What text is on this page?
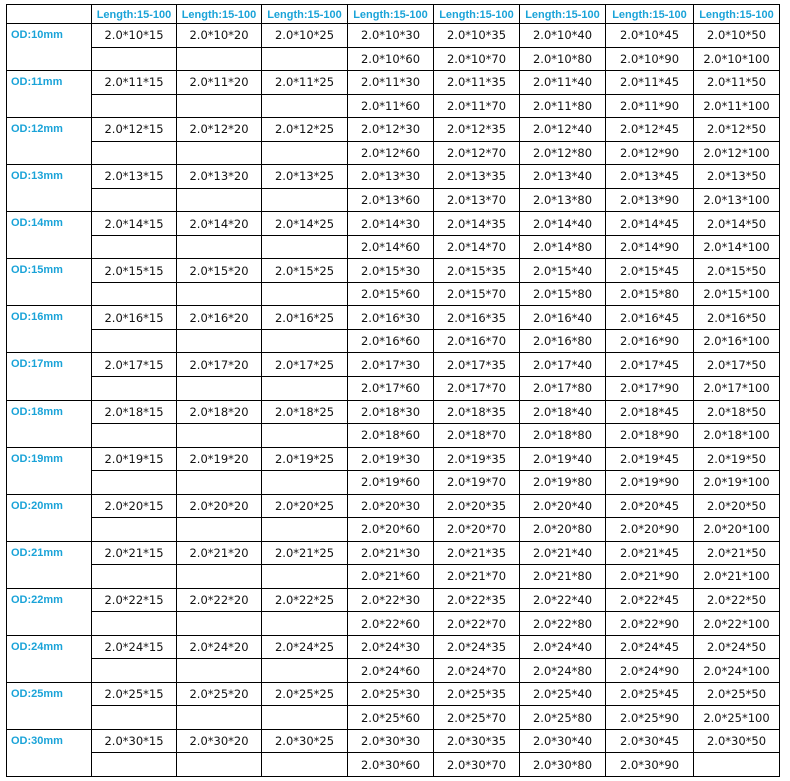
	Length:15-100	Length:15-100	Length:15-100	Length:15-100	Length:15-100	Length:15-100	Length:15-100	Length:15-100
OD:10mm	2.0*10*15	2.0*10*20	2.0*10*25	2.0*10*30	2.0*10*35	2.0*10*40	2.0*10*45	2.0*10*50
				2.0*10*60	2.0*10*70	2.0*10*80	2.0*10*90	2.0*10*100
OD:11mm	2.0*11*15	2.0*11*20	2.0*11*25	2.0*11*30	2.0*11*35	2.0*11*40	2.0*11*45	2.0*11*50
				2.0*11*60	2.0*11*70	2.0*11*80	2.0*11*90	2.0*11*100
OD:12mm	2.0*12*15	2.0*12*20	2.0*12*25	2.0*12*30	2.0*12*35	2.0*12*40	2.0*12*45	2.0*12*50
				2.0*12*60	2.0*12*70	2.0*12*80	2.0*12*90	2.0*12*100
OD:13mm	2.0*13*15	2.0*13*20	2.0*13*25	2.0*13*30	2.0*13*35	2.0*13*40	2.0*13*45	2.0*13*50
				2.0*13*60	2.0*13*70	2.0*13*80	2.0*13*90	2.0*13*100
OD:14mm	2.0*14*15	2.0*14*20	2.0*14*25	2.0*14*30	2.0*14*35	2.0*14*40	2.0*14*45	2.0*14*50
				2.0*14*60	2.0*14*70	2.0*14*80	2.0*14*90	2.0*14*100
OD:15mm	2.0*15*15	2.0*15*20	2.0*15*25	2.0*15*30	2.0*15*35	2.0*15*40	2.0*15*45	2.0*15*50
				2.0*15*60	2.0*15*70	2.0*15*80	2.0*15*80	2.0*15*100
OD:16mm	2.0*16*15	2.0*16*20	2.0*16*25	2.0*16*30	2.0*16*35	2.0*16*40	2.0*16*45	2.0*16*50
				2.0*16*60	2.0*16*70	2.0*16*80	2.0*16*90	2.0*16*100
OD:17mm	2.0*17*15	2.0*17*20	2.0*17*25	2.0*17*30	2.0*17*35	2.0*17*40	2.0*17*45	2.0*17*50
				2.0*17*60	2.0*17*70	2.0*17*80	2.0*17*90	2.0*17*100
OD:18mm	2.0*18*15	2.0*18*20	2.0*18*25	2.0*18*30	2.0*18*35	2.0*18*40	2.0*18*45	2.0*18*50
				2.0*18*60	2.0*18*70	2.0*18*80	2.0*18*90	2.0*18*100
OD:19mm	2.0*19*15	2.0*19*20	2.0*19*25	2.0*19*30	2.0*19*35	2.0*19*40	2.0*19*45	2.0*19*50
				2.0*19*60	2.0*19*70	2.0*19*80	2.0*19*90	2.0*19*100
OD:20mm	2.0*20*15	2.0*20*20	2.0*20*25	2.0*20*30	2.0*20*35	2.0*20*40	2.0*20*45	2.0*20*50
				2.0*20*60	2.0*20*70	2.0*20*80	2.0*20*90	2.0*20*100
OD:21mm	2.0*21*15	2.0*21*20	2.0*21*25	2.0*21*30	2.0*21*35	2.0*21*40	2.0*21*45	2.0*21*50
				2.0*21*60	2.0*21*70	2.0*21*80	2.0*21*90	2.0*21*100
OD:22mm	2.0*22*15	2.0*22*20	2.0*22*25	2.0*22*30	2.0*22*35	2.0*22*40	2.0*22*45	2.0*22*50
				2.0*22*60	2.0*22*70	2.0*22*80	2.0*22*90	2.0*22*100
OD:24mm	2.0*24*15	2.0*24*20	2.0*24*25	2.0*24*30	2.0*24*35	2.0*24*40	2.0*24*45	2.0*24*50
				2.0*24*60	2.0*24*70	2.0*24*80	2.0*24*90	2.0*24*100
OD:25mm	2.0*25*15	2.0*25*20	2.0*25*25	2.0*25*30	2.0*25*35	2.0*25*40	2.0*25*45	2.0*25*50
				2.0*25*60	2.0*25*70	2.0*25*80	2.0*25*90	2.0*25*100
OD:30mm	2.0*30*15	2.0*30*20	2.0*30*25	2.0*30*30	2.0*30*35	2.0*30*40	2.0*30*45	2.0*30*50
				2.0*30*60	2.0*30*70	2.0*30*80	2.0*30*90	
